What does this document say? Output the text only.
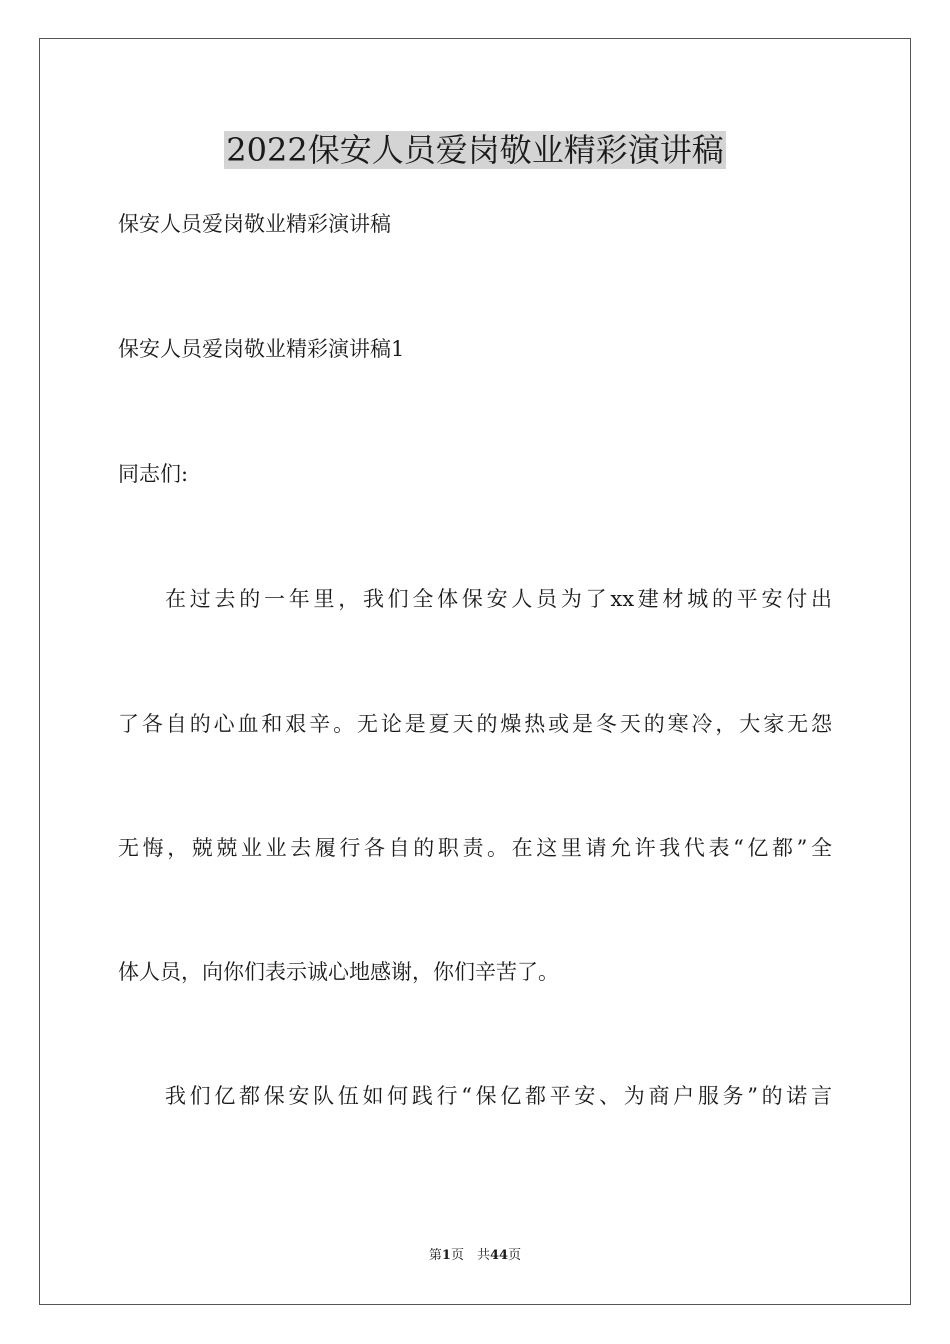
2022保安人员爱岗敬业精彩演讲稿

保安人员爱岗敬业精彩演讲稿

保安人员爱岗敬业精彩演讲稿1

同志们:

在过去的一年里，我们全体保安人员为了xx建材城的平安付出

了各自的心血和艰辛。无论是夏天的燥热或是冬天的寒冷，大家无怨

无悔，兢兢业业去履行各自的职责。在这里请允许我代表“亿都”全

体人员，向你们表示诚心地感谢，你们辛苦了。

我们亿都保安队伍如何践行“保亿都平安、为商户服务”的诺言

第1页　共44页
